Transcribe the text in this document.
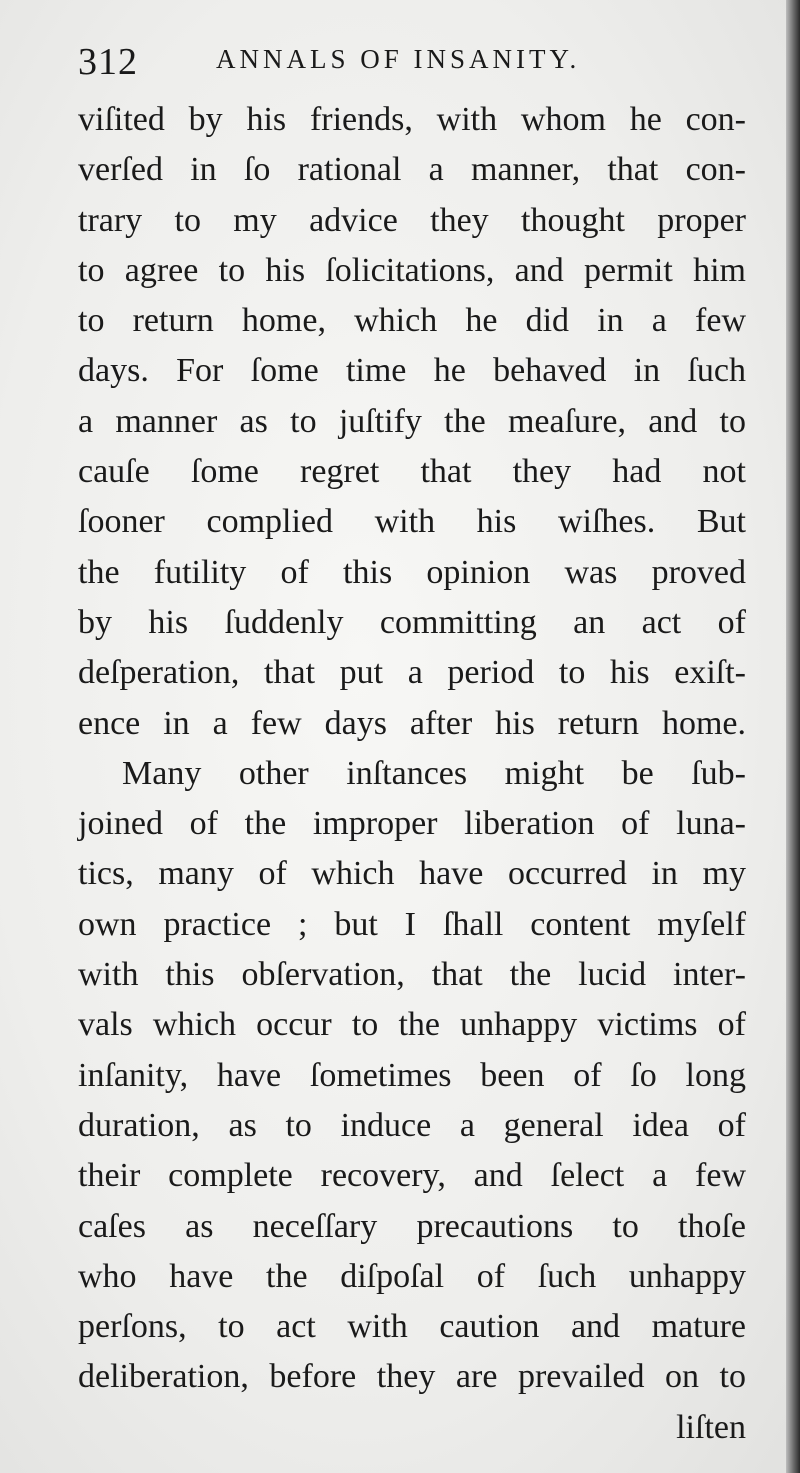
312	ANNALS OF INSANITY.
viſited by his friends, with whom he con-
verſed in ſo rational a manner, that con-
trary to my advice they thought proper
to agree to his ſolicitations, and permit him
to return home, which he did in a few
days. For ſome time he behaved in ſuch
a manner as to juſtify the meaſure, and to
cauſe ſome regret that they had not
ſooner complied with his wiſhes. But
the futility of this opinion was proved
by his ſuddenly committing an act of
deſperation, that put a period to his exiſt-
ence in a few days after his return home.
Many other inſtances might be ſub-
joined of the improper liberation of luna-
tics, many of which have occurred in my
own practice ; but I ſhall content myſelf
with this obſervation, that the lucid inter-
vals which occur to the unhappy victims of
inſanity, have ſometimes been of ſo long
duration, as to induce a general idea of
their complete recovery, and ſelect a few
caſes as neceſſary precautions to thoſe
who have the diſpoſal of ſuch unhappy
perſons, to act with caution and mature
deliberation, before they are prevailed on to
liſten
